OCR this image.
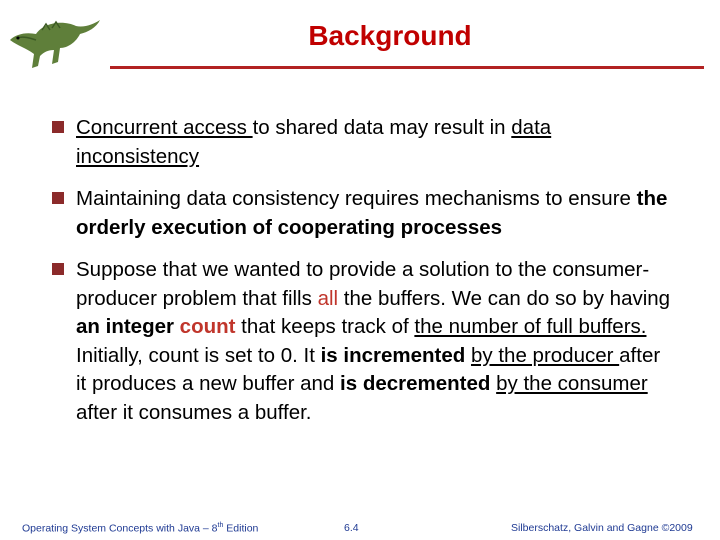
Background
Concurrent access to shared data may result in data inconsistency
Maintaining data consistency requires mechanisms to ensure the orderly execution of cooperating processes
Suppose that we wanted to provide a solution to the consumer-producer problem that fills all the buffers. We can do so by having an integer count that keeps track of the number of full buffers. Initially, count is set to 0. It is incremented by the producer after it produces a new buffer and is decremented by the consumer after it consumes a buffer.
Operating System Concepts with Java – 8th Edition	6.4	Silberschatz, Galvin and Gagne ©2009
